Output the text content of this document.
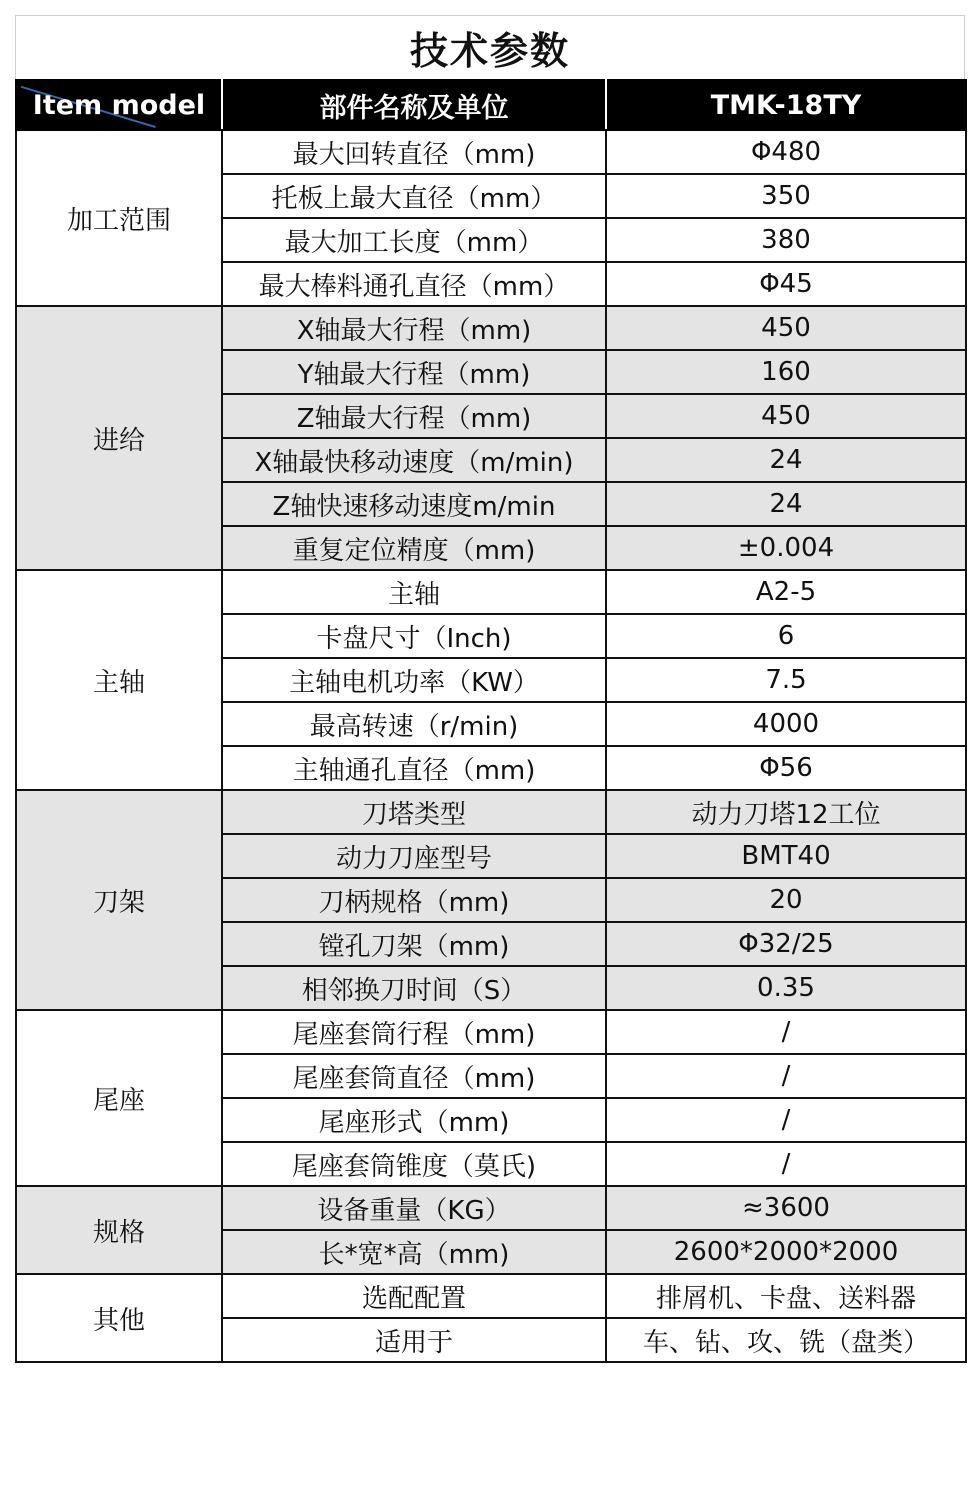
技术参数
Item model	部件名称及单位	TMK-18TY
加工范围	最大回转直径（mm)	Φ480
	托板上最大直径（mm）	350
	最大加工长度（mm）	380
	最大棒料通孔直径（mm）	Φ45
进给	X轴最大行程（mm)	450
	Y轴最大行程（mm)	160
	Z轴最大行程（mm)	450
	X轴最快移动速度（m/min)	24
	Z轴快速移动速度m/min	24
	重复定位精度（mm)	±0.004
主轴	主轴	A2-5
	卡盘尺寸（Inch)	6
	主轴电机功率（KW）	7.5
	最高转速（r/min)	4000
	主轴通孔直径（mm)	Φ56
刀架	刀塔类型	动力刀塔12工位
	动力刀座型号	BMT40
	刀柄规格（mm)	20
	镗孔刀架（mm)	Φ32/25
	相邻换刀时间（S）	0.35
尾座	尾座套筒行程（mm)	/
	尾座套筒直径（mm)	/
	尾座形式（mm)	/
	尾座套筒锥度（莫氏)	/
规格	设备重量（KG）	≈3600
	长*宽*高（mm)	2600*2000*2000
其他	选配配置	排屑机、卡盘、送料器
	适用于	车、钻、攻、铣（盘类）
